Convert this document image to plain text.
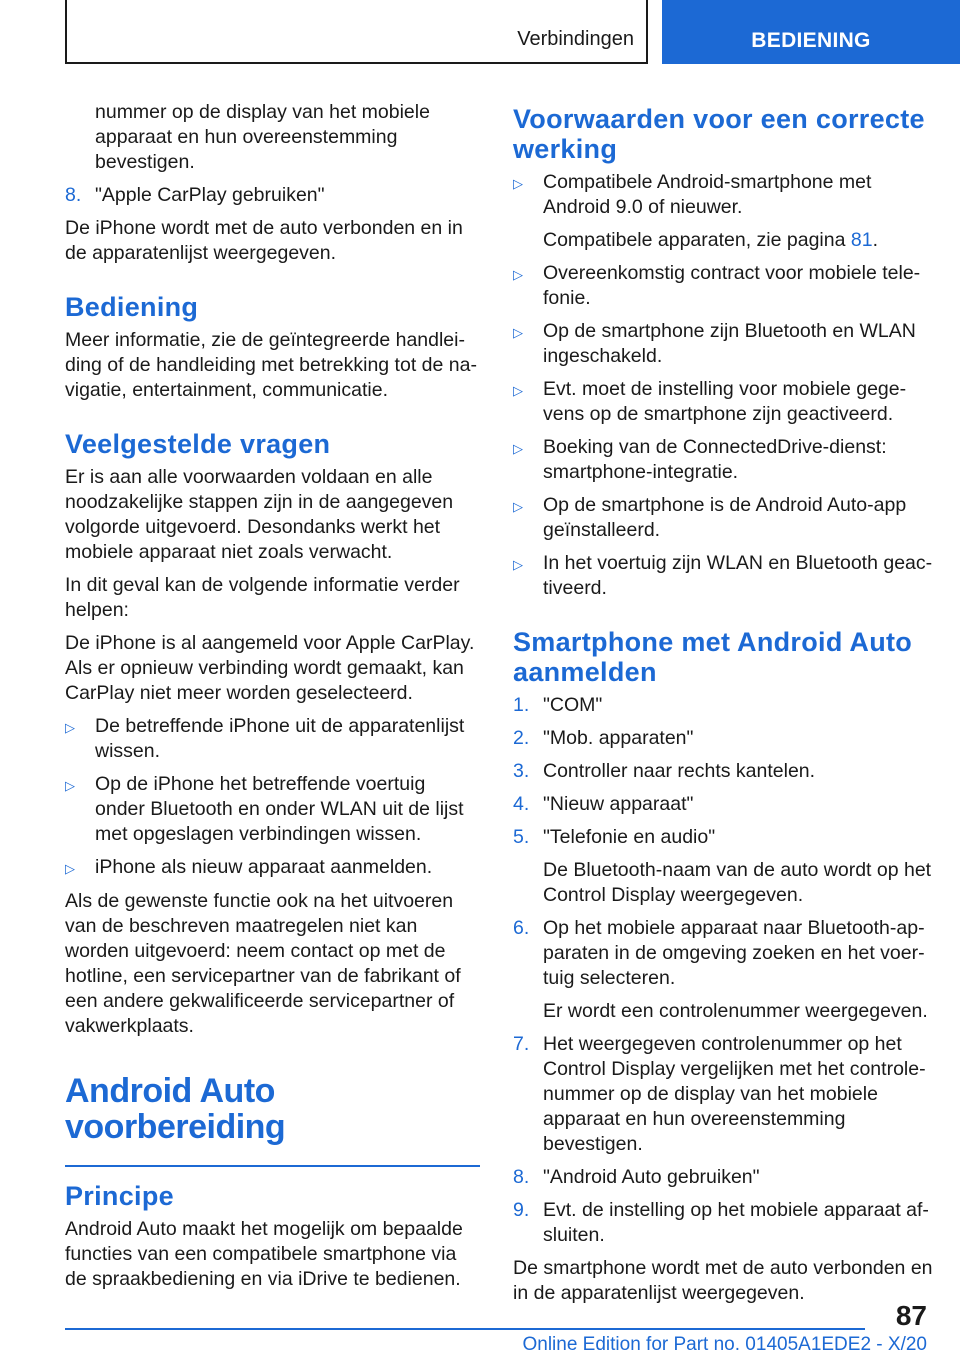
Verbindingen	BEDIENING

nummer op de display van het mobiele apparaat en hun overeenstemming bevestigen.

8. "Apple CarPlay gebruiken"

De iPhone wordt met de auto verbonden en in de apparatenlijst weergegeven.

Bediening

Meer informatie, zie de geïntegreerde handleiding of de handleiding met betrekking tot de navigatie, entertainment, communicatie.

Veelgestelde vragen

Er is aan alle voorwaarden voldaan en alle noodzakelijke stappen zijn in de aangegeven volgorde uitgevoerd. Desondanks werkt het mobiele apparaat niet zoals verwacht.

In dit geval kan de volgende informatie verder helpen:

De iPhone is al aangemeld voor Apple CarPlay. Als er opnieuw verbinding wordt gemaakt, kan CarPlay niet meer worden geselecteerd.

▷	De betreffende iPhone uit de apparatenlijst wissen.
▷	Op de iPhone het betreffende voertuig onder Bluetooth en onder WLAN uit de lijst met opgeslagen verbindingen wissen.
▷	iPhone als nieuw apparaat aanmelden.

Als de gewenste functie ook na het uitvoeren van de beschreven maatregelen niet kan worden uitgevoerd: neem contact op met de hotline, een servicepartner van de fabrikant of een andere gekwalificeerde servicepartner of vakwerkplaats.

Android Auto
voorbereiding
Principe

Android Auto maakt het mogelijk om bepaalde functies van een compatibele smartphone via de spraakbediening en via iDrive te bedienen.

Voorwaarden voor een correcte werking
▷	Compatibele Android-smartphone met Android 9.0 of nieuwer.

Compatibele apparaten, zie pagina 81.

▷	Overeenkomstig contract voor mobiele telefonie.
▷	Op de smartphone zijn Bluetooth en WLAN ingeschakeld.
▷	Evt. moet de instelling voor mobiele gegevens op de smartphone zijn geactiveerd.
▷	Boeking van de ConnectedDrive-dienst: smartphone-integratie.
▷	Op de smartphone is de Android Auto-app geïnstalleerd.
▷	In het voertuig zijn WLAN en Bluetooth geactiveerd.
Smartphone met Android Auto aanmelden
1. "COM"
2. "Mob. apparaten"
3. Controller naar rechts kantelen.
4. "Nieuw apparaat"
5. "Telefonie en audio"

De Bluetooth-naam van de auto wordt op het Control Display weergegeven.

6. Op het mobiele apparaat naar Bluetooth-apparaten in de omgeving zoeken en het voertuig selecteren.

Er wordt een controlenummer weergegeven.

7. Het weergegeven controlenummer op het Control Display vergelijken met het controlenummer op de display van het mobiele apparaat en hun overeenstemming bevestigen.
8. "Android Auto gebruiken"
9. Evt. de instelling op het mobiele apparaat afsluiten.

De smartphone wordt met de auto verbonden en in de apparatenlijst weergegeven.

87
Online Edition for Part no. 01405A1EDE2 - X/20
